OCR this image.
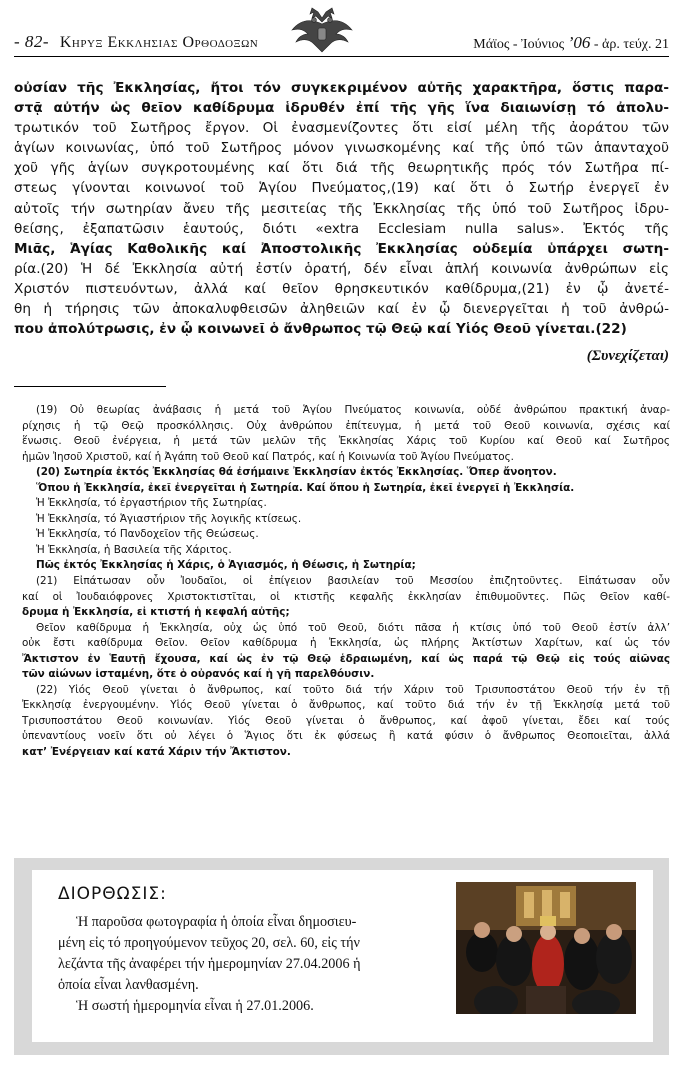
- 82- Κηρυξ Εκκλησιας Ορθοδοξων	Μάϊος - Ἰούνιος ’06 - ἀρ. τεύχ. 21
οὐσίαν τῆς Ἐκκλησίας, ἤτοι τόν συγκεκριμένον αὐτῆς χαρακτῆρα, ὅστις παρα-
στᾷ αὐτήν ὡς θεῖον καθίδρυμα ἱδρυθέν ἐπί τῆς γῆς ἵνα διαιωνίσῃ τό ἀπολυ-
τρωτικόν τοῦ Σωτῆρος ἔργον. Οἱ ἐνασμενίζοντες ὅτι εἰσί μέλη τῆς ἀοράτου τῶν
ἁγίων κοινωνίας, ὑπό τοῦ Σωτῆρος μόνον γινωσκομένης καί τῆς ὑπό τῶν ἁπανταχοῦ
χοῦ γῆς ἁγίων συγκροτουμένης καί ὅτι διά τῆς θεωρητικῆς πρός τόν Σωτῆρα πί-
στεως γίνονται κοινωνοί τοῦ Ἁγίου Πνεύματος,(19) καί ὅτι ὁ Σωτήρ ἐνεργεῖ ἐν
αὐτοῖς τήν σωτηρίαν ἄνευ τῆς μεσιτείας τῆς Ἐκκλησίας τῆς ὑπό τοῦ Σωτῆρος ἱδρυ-
θείσης, ἐξαπατῶσιν ἑαυτούς, διότι «extra Ecclesiam nulla salus». Ἐκτός τῆς
Μιᾶς, Ἁγίας Καθολικῆς καί Ἀποστολικῆς Ἐκκλησίας οὐδεμία ὑπάρχει σωτη-
ρία.(20) Ἡ δέ Ἐκκλησία αὐτή ἐστίν ὁρατή, δέν εἶναι ἁπλή κοινωνία ἀνθρώπων εἰς
Χριστόν πιστευόντων, ἀλλά καί θεῖον θρησκευτικόν καθίδρυμα,(21) ἐν ᾧ ἀνετέ-
θη ἡ τήρησις τῶν ἀποκαλυφθεισῶν ἀληθειῶν καί ἐν ᾧ διενεργεῖται ἡ τοῦ ἀνθρώ-
που ἀπολύτρωσις, ἐν ᾧ κοινωνεῖ ὁ ἄνθρωπος τῷ Θεῷ καί Υἱός Θεοῦ γίνεται.(22)
(Συνεχίζεται)
(19) Οὐ θεωρίας ἀνάβασις ἡ μετά τοῦ Ἁγίου Πνεύματος κοινωνία, οὐδέ ἀνθρώπου πρακτική ἀναρ-
ρίχησις ἡ τῷ Θεῷ προσκόλλησις. Οὐχ ἀνθρώπου ἐπίτευγμα, ἡ μετά τοῦ Θεοῦ κοινωνία, σχέσις καί
ἕνωσις. Θεοῦ ἐνέργεια, ἡ μετά τῶν μελῶν τῆς Ἐκκλησίας Χάρις τοῦ Κυρίου καί Θεοῦ καί Σωτῆρος
ἡμῶν Ἰησοῦ Χριστοῦ, καί ἡ Ἀγάπη τοῦ Θεοῦ καί Πατρός, καί ἡ Κοινωνία τοῦ Ἁγίου Πνεύματος.
(20) Σωτηρία ἐκτός Ἐκκλησίας θά ἐσήμαινε Ἐκκλησίαν ἐκτός Ἐκκλησίας. Ὅπερ ἄνοητον.
Ὅπου ἡ Ἐκκλησία, ἐκεῖ ἐνεργεῖται ἡ Σωτηρία. Καί ὅπου ἡ Σωτηρία, ἐκεῖ ἐνεργεῖ ἡ Ἐκκλησία.
Ἡ Ἐκκλησία, τό ἐργαστήριον τῆς Σωτηρίας.
Ἡ Ἐκκλησία, τό Ἁγιαστήριον τῆς λογικῆς κτίσεως.
Ἡ Ἐκκλησία, τό Πανδοχεῖον τῆς Θεώσεως.
Ἡ Ἐκκλησία, ἡ Βασιλεία τῆς Χάριτος.
Πῶς ἐκτός Ἐκκλησίας ἡ Χάρις, ὁ Ἁγιασμός, ἡ Θέωσις, ἡ Σωτηρία;
(21) Εἰπάτωσαν οὖν Ἰουδαῖοι, οἱ ἐπίγειον βασιλείαν τοῦ Μεσσίου ἐπιζητοῦντες. Εἰπάτωσαν οὖν
καί οἱ Ἰουδαιόφρονες Χριστοκτιστῖται, οἱ κτιστῆς κεφαλῆς ἐκκλησίαν ἐπιθυμοῦντες. Πῶς Θεῖον καθί-
δρυμα ἡ Ἐκκλησία, εἰ κτιστή ἡ κεφαλή αὐτῆς;
Θεῖον καθίδρυμα ἡ Ἐκκλησία, οὐχ ὡς ὑπό τοῦ Θεοῦ, διότι πᾶσα ἡ κτίσις ὑπό τοῦ Θεοῦ ἐστίν ἀλλ’
οὐκ ἔστι καθίδρυμα Θεῖον. Θεῖον καθίδρυμα ἡ Ἐκκλησία, ὡς πλήρης Ἀκτίστων Χαρίτων, καί ὡς τόν
Ἄκτιστον ἐν Ἑαυτῇ ἔχουσα, καί ὡς ἐν τῷ Θεῷ ἑδραιωμένη, καί ὡς παρά τῷ Θεῷ εἰς τούς αἰῶνας
τῶν αἰώνων ἱσταμένη, ὅτε ὁ οὐρανός καί ἡ γῆ παρελθόυσιν.
(22) Υἱός Θεοῦ γίνεται ὁ ἄνθρωπος, καί τοῦτο διά τήν Χάριν τοῦ Τρισυποστάτου Θεοῦ τήν ἐν τῇ
Ἐκκλησίᾳ ἐνεργουμένην. Υἱός Θεοῦ γίνεται ὁ ἄνθρωπος, καί τοῦτο διά τήν ἐν τῇ Ἐκκλησίᾳ μετά τοῦ
Τρισυποστάτου Θεοῦ κοινωνίαν. Υἱός Θεοῦ γίνεται ὁ ἄνθρωπος, καί ἀφοῦ γίνεται, ἔδει καί τούς
ὑπεναντίους νοεῖν ὅτι οὐ λέγει ὁ Ἅγιος ὅτι ἐκ φύσεως ἢ κατά φύσιν ὁ ἄνθρωπος Θεοποιεῖται, ἀλλά
κατ’ Ἐνέργειαν καί κατά Χάριν τήν Ἄκτιστον.
ΔΙΟΡΘΩΣΙΣ:
Ἡ παροῦσα φωτογραφία ἡ ὁποία εἶναι δημοσιευ-
μένη εἰς τό προηγούμενον τεῦχος 20, σελ. 60, εἰς τήν
λεζάντα τῆς ἀναφέρει τήν ἡμερομηνίαν 27.04.2006 ἡ
ὁποία εἶναι λανθασμένη.
Ἡ σωστή ἡμερομηνία εἶναι ἡ 27.01.2006.
